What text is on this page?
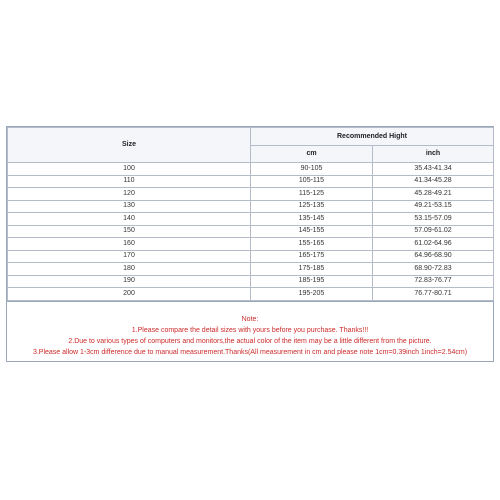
Size	Recommended Hight	
	cm	inch
100	90-105	35.43-41.34
110	105-115	41.34-45.28
120	115-125	45.28-49.21
130	125-135	49.21-53.15
140	135-145	53.15-57.09
150	145-155	57.09-61.02
160	155-165	61.02-64.96
170	165-175	64.96-68.90
180	175-185	68.90-72.83
190	185-195	72.83-76.77
200	195-205	76.77-80.71
Note:
1.Please compare the detail sizes with yours before you purchase. Thanks!!!
2.Due to various types of computers and monitors,the actual color of the item may be a little different from the picture.
3.Please allow 1-3cm difference due to manual measurement.Thanks(All measurement in cm and please note 1cm=0.39inch 1inch=2.54cm)
